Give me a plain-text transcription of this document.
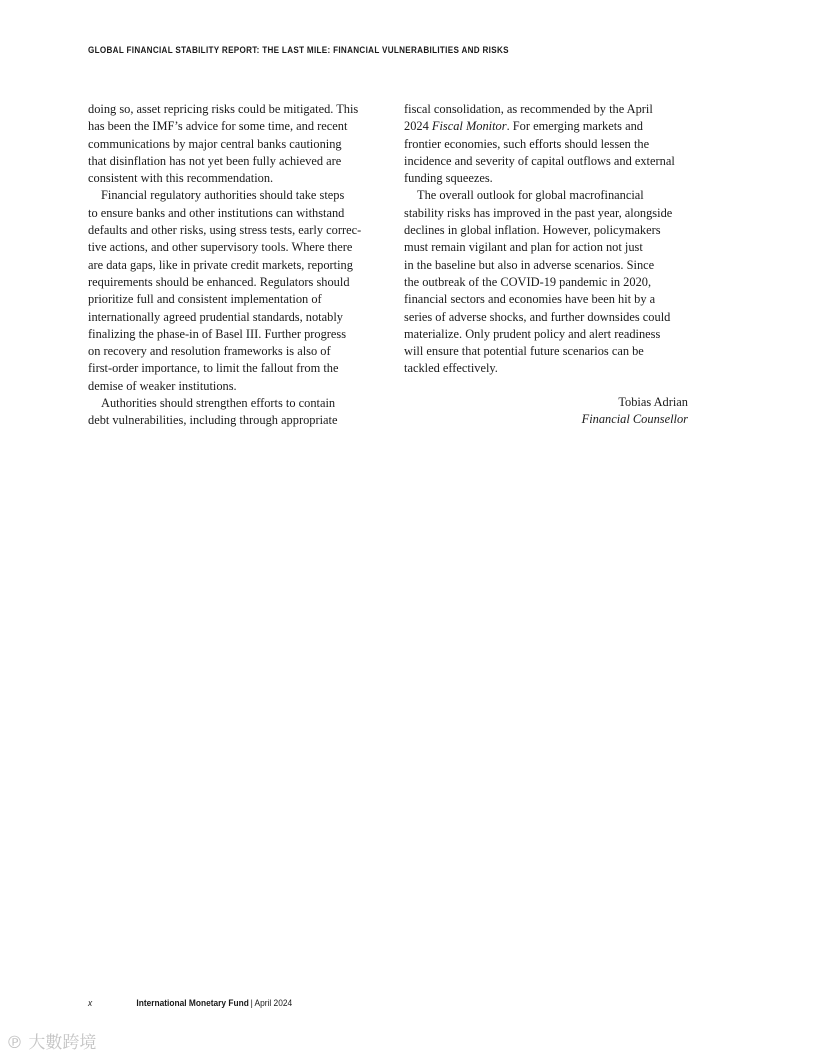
GLOBAL FINANCIAL STABILITY REPORT: THE LAST MILE: FINANCIAL VULNERABILITIES AND RISKS

doing so, asset repricing risks could be mitigated. This
has been the IMF’s advice for some time, and recent
communications by major central banks cautioning
that disinflation has not yet been fully achieved are
consistent with this recommendation.

Financial regulatory authorities should take steps
to ensure banks and other institutions can withstand
defaults and other risks, using stress tests, early correc-
tive actions, and other supervisory tools. Where there
are data gaps, like in private credit markets, reporting
requirements should be enhanced. Regulators should
prioritize full and consistent implementation of
internationally agreed prudential standards, notably
finalizing the phase-in of Basel III. Further progress
on recovery and resolution frameworks is also of
first-order importance, to limit the fallout from the
demise of weaker institutions.

Authorities should strengthen efforts to contain
debt vulnerabilities, including through appropriate

fiscal consolidation, as recommended by the April
2024 Fiscal Monitor. For emerging markets and
frontier economies, such efforts should lessen the
incidence and severity of capital outflows and external
funding squeezes.

The overall outlook for global macrofinancial
stability risks has improved in the past year, alongside
declines in global inflation. However, policymakers
must remain vigilant and plan for action not just
in the baseline but also in adverse scenarios. Since
the outbreak of the COVID-19 pandemic in 2020,
financial sectors and economies have been hit by a
series of adverse shocks, and further downsides could
materialize. Only prudent policy and alert readiness
will ensure that potential future scenarios can be
tackled effectively.

Tobias Adrian
Financial Counsellor
x	International Monetary Fund | April 2024
℗ 大數跨境
